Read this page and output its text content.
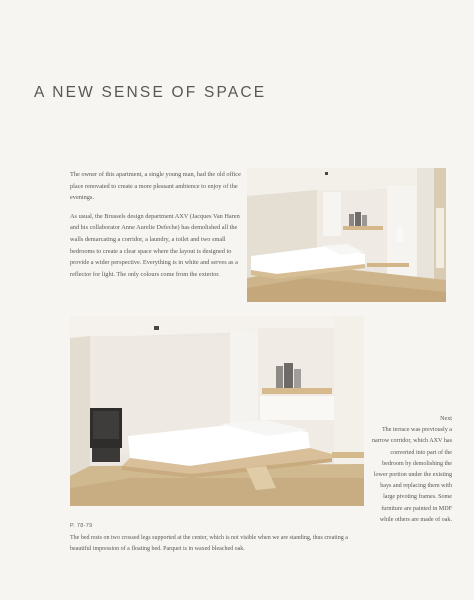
A NEW SENSE OF SPACE

The owner of this apartment, a single young man, had the old office place renovated to create a more pleasant ambience to enjoy of the evenings.

As usual, the Brussels design department AXV (Jacques Van Haren and his collaborator Anne Aurelie Defeche) has demolished all the walls demarcating a corridor, a laundry, a toilet and two small bedrooms to create a clear space where the layout is designed to provide a wider perspective. Everything is in white and serves as a reflector for light. The only colours come from the exterior.

Next
The terrace was previously a narrow corridor, which AXV has converted into part of the bedroom by demolishing the lower portion under the existing bays and replacing them with large pivoting frames. Some furniture are painted in MDF while others are made of oak.
P. 78-79
The bed rests on two crossed legs supported at the center, which is not visible when we are standing, thus creating a beautiful impression of a floating bed. Parquet is in waxed bleached oak.
